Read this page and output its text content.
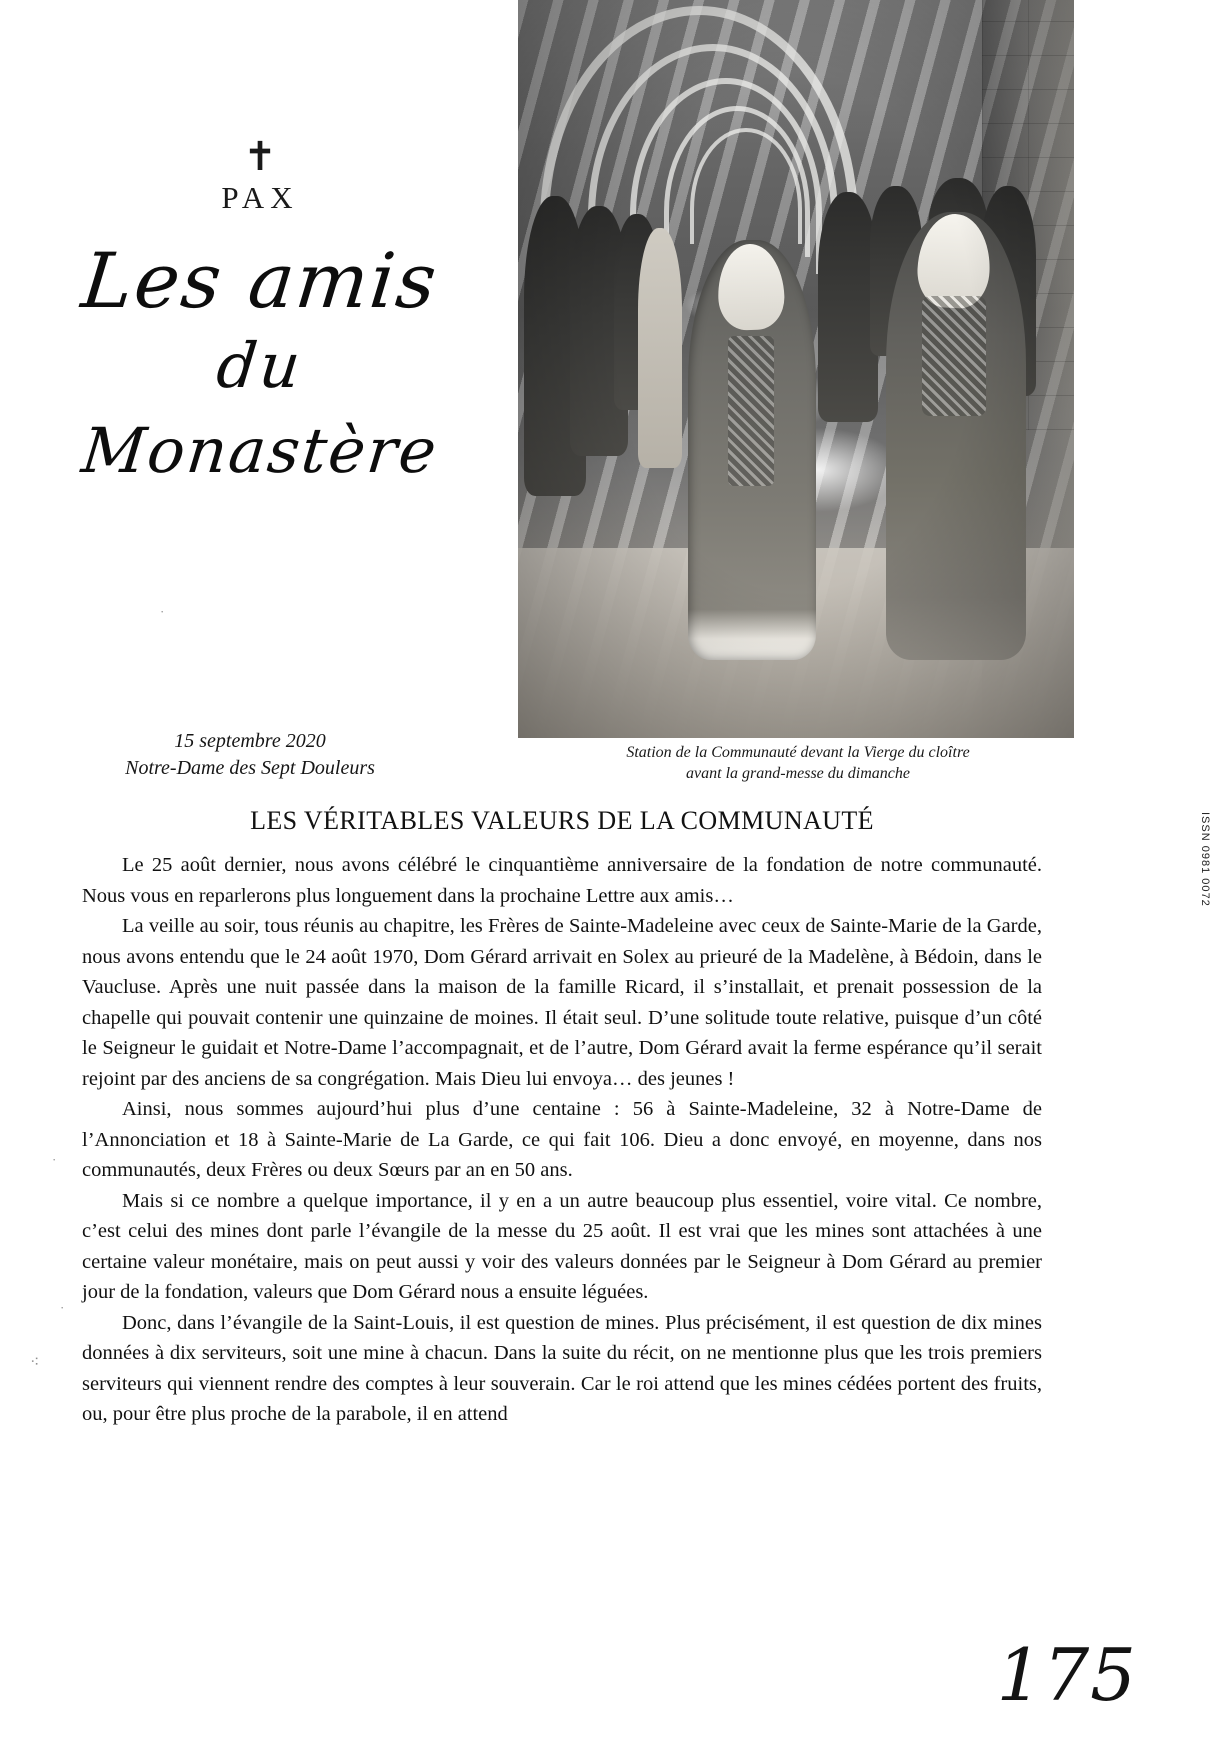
✝
PAX
Les amis
du
Monastère
15 septembre 2020
Notre-Dame des Sept Douleurs
Station de la Communauté devant la Vierge du cloître
avant la grand-messe du dimanche
LES VÉRITABLES VALEURS DE LA COMMUNAUTÉ

Le 25 août dernier, nous avons célébré le cinquantième anniversaire de la fondation de notre communauté. Nous vous en reparlerons plus longuement dans la prochaine Lettre aux amis…

La veille au soir, tous réunis au chapitre, les Frères de Sainte-Madeleine avec ceux de Sainte-Marie de la Garde, nous avons entendu que le 24 août 1970, Dom Gérard arrivait en Solex au prieuré de la Madelène, à Bédoin, dans le Vaucluse. Après une nuit passée dans la maison de la famille Ricard, il s’installait, et prenait possession de la chapelle qui pouvait contenir une quinzaine de moines. Il était seul. D’une solitude toute relative, puisque d’un côté le Seigneur le guidait et Notre-Dame l’accompagnait, et de l’autre, Dom Gérard avait la ferme espérance qu’il serait rejoint par des anciens de sa congrégation. Mais Dieu lui envoya… des jeunes !

Ainsi, nous sommes aujourd’hui plus d’une centaine : 56 à Sainte-Madeleine, 32 à Notre-Dame de l’Annonciation et 18 à Sainte-Marie de La Garde, ce qui fait 106. Dieu a donc envoyé, en moyenne, dans nos communautés, deux Frères ou deux Sœurs par an en 50 ans.

Mais si ce nombre a quelque importance, il y en a un autre beaucoup plus essentiel, voire vital. Ce nombre, c’est celui des mines dont parle l’évangile de la messe du 25 août. Il est vrai que les mines sont attachées à une certaine valeur monétaire, mais on peut aussi y voir des valeurs données par le Seigneur à Dom Gérard au premier jour de la fondation, valeurs que Dom Gérard nous a ensuite léguées.

Donc, dans l’évangile de la Saint-Louis, il est question de mines. Plus précisément, il est question de dix mines données à dix serviteurs, soit une mine à chacun. Dans la suite du récit, on ne mentionne plus que les trois premiers serviteurs qui viennent rendre des comptes à leur souverain. Car le roi attend que les mines cédées portent des fruits, ou, pour être plus proche de la parabole, il en attend

ISSN 0981 0072
175
·
·
⁖
·
